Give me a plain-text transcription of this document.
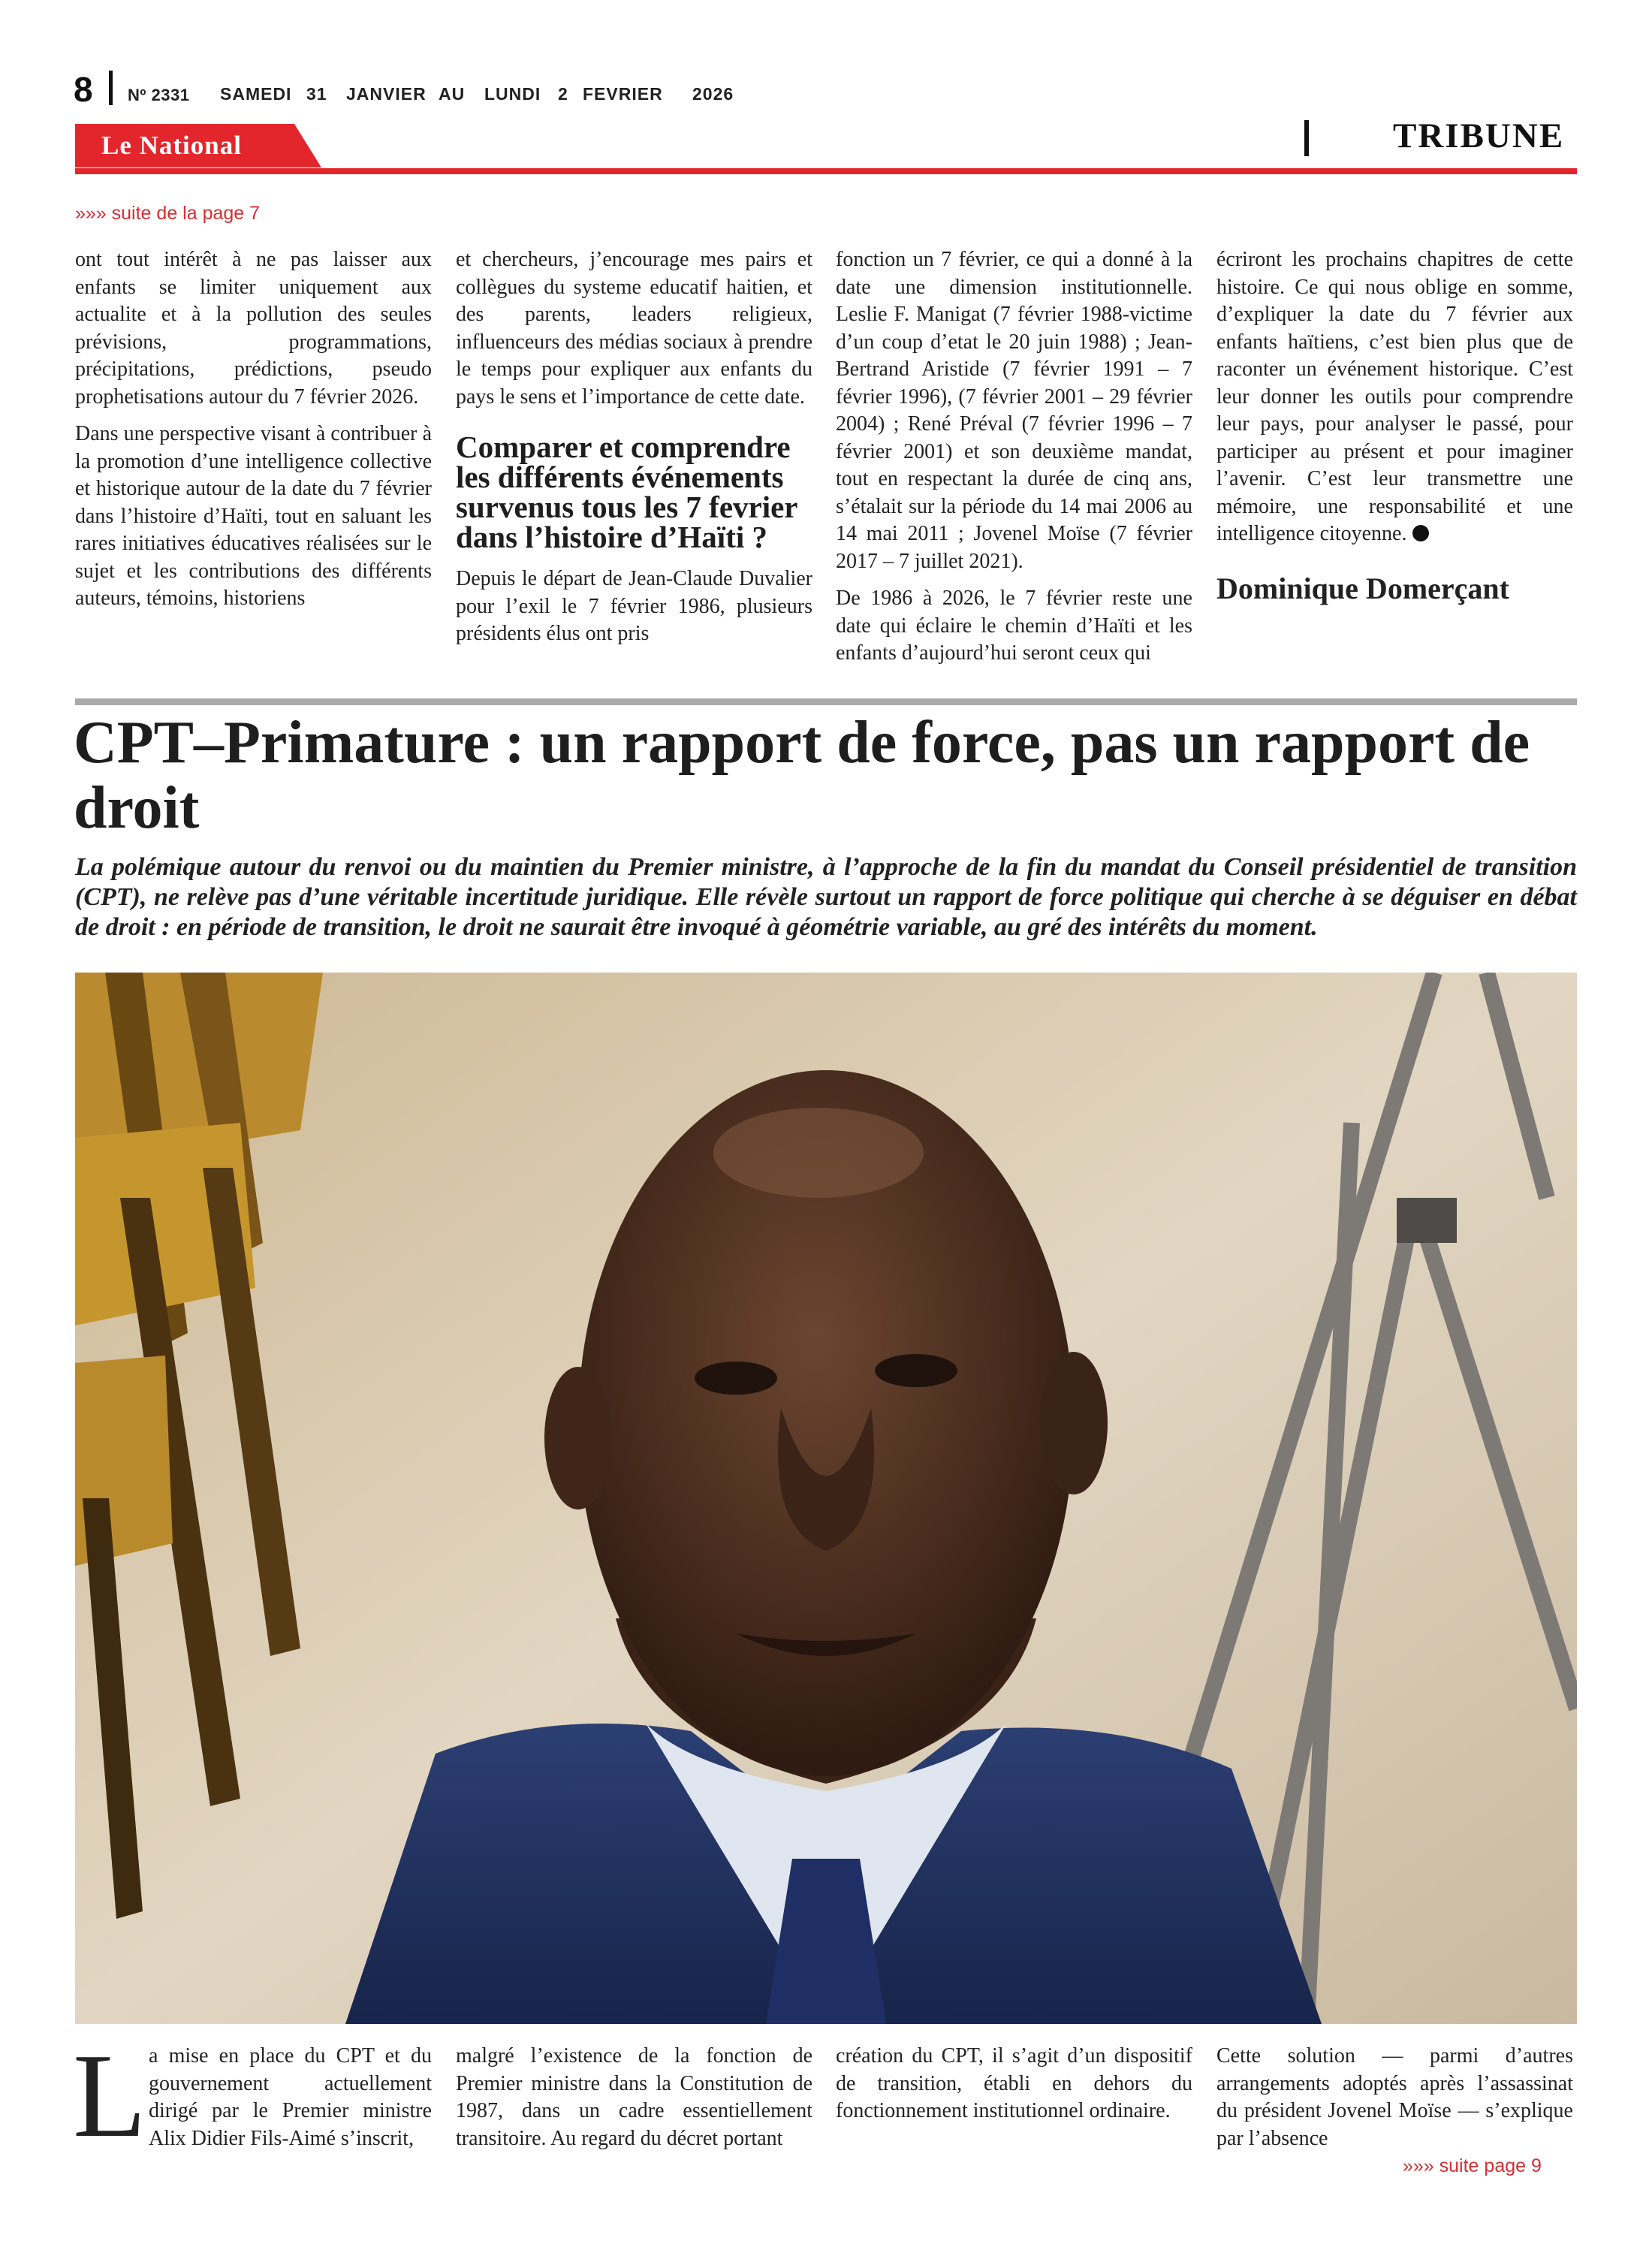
8 Nº 2331 SAMEDI 31 JANVIER AU LUNDI 2 FEVRIER 2026
Le National	TRIBUNE
»»» suite de la page 7

ont tout intérêt à ne pas laisser aux enfants se limiter uniquement aux actualite et à la pollution des seules prévisions, programmations, précipitations, prédictions, pseudo prophetisations autour du 7 février 2026.

Dans une perspective visant à contribuer à la promotion d’une intelligence collective et historique autour de la date du 7 février dans l’histoire d’Haïti, tout en saluant les rares initiatives éducatives réalisées sur le sujet et les contributions des différents auteurs, témoins, historiens

et chercheurs, j’encourage mes pairs et collègues du systeme educatif haitien, et des parents, leaders religieux, influenceurs des médias sociaux à prendre le temps pour expliquer aux enfants du pays le sens et l’importance de cette date.

Comparer et comprendre les différents événements survenus tous les 7 fevrier dans l’histoire d’Haïti ?

Depuis le départ de Jean-Claude Duvalier pour l’exil le 7 février 1986, plusieurs présidents élus ont pris

fonction un 7 février, ce qui a donné à la date une dimension institutionnelle. Leslie F. Manigat (7 février 1988-victime d’un coup d’etat le 20 juin 1988) ; Jean-Bertrand Aristide (7 février 1991 – 7 février 1996), (7 février 2001 – 29 février 2004) ; René Préval (7 février 1996 – 7 février 2001) et son deuxième mandat, tout en respectant la durée de cinq ans, s’étalait sur la période du 14 mai 2006 au 14 mai 2011 ; Jovenel Moïse (7 février 2017 – 7 juillet 2021).

De 1986 à 2026, le 7 février reste une date qui éclaire le chemin d’Haïti et les enfants d’aujourd’hui seront ceux qui

écriront les prochains chapitres de cette histoire. Ce qui nous oblige en somme, d’expliquer la date du 7 février aux enfants haïtiens, c’est bien plus que de raconter un événement historique. C’est leur donner les outils pour comprendre leur pays, pour analyser le passé, pour participer au présent et pour imaginer l’avenir. C’est leur transmettre une mémoire, une responsabilité et une intelligence citoyenne.

Dominique Domerçant
CPT–Primature : un rapport de force, pas un rapport de droit
La polémique autour du renvoi ou du maintien du Premier ministre, à l’approche de la fin du mandat du Conseil présidentiel de transition (CPT), ne relève pas d’une véritable incertitude juridique. Elle révèle surtout un rapport de force politique qui cherche à se déguiser en débat de droit : en période de transition, le droit ne saurait être invoqué à géométrie variable, au gré des intérêts du moment.
L a mise en place du CPT et du gouvernement actuellement dirigé par le Premier ministre Alix Didier Fils-Aimé s’inscrit,

malgré l’existence de la fonction de Premier ministre dans la Constitution de 1987, dans un cadre essentiellement transitoire. Au regard du décret portant

création du CPT, il s’agit d’un dispositif de transition, établi en dehors du fonctionnement institutionnel ordinaire.

Cette solution — parmi d’autres arrangements adoptés après l’assassinat du président Jovenel Moïse — s’explique par l’absence

»»» suite page 9
